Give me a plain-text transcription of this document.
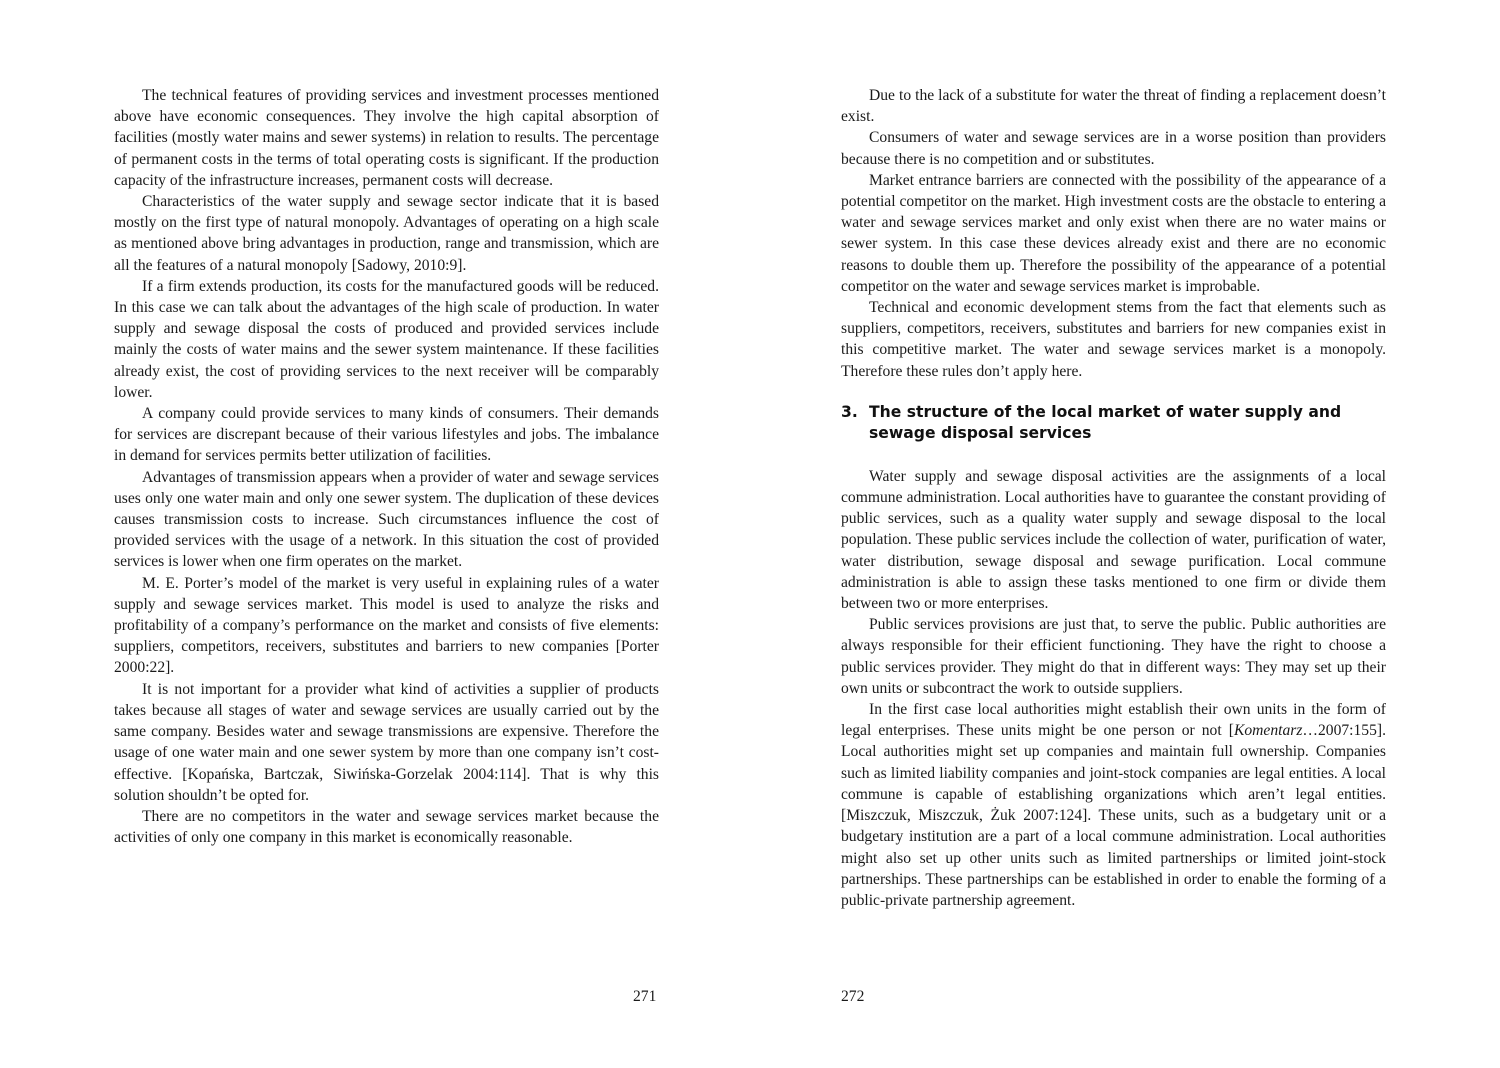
The technical features of providing services and investment processes mentioned above have economic consequences. They involve the high capital absorption of facilities (mostly water mains and sewer systems) in relation to results. The percentage of permanent costs in the terms of total operating costs is significant. If the production capacity of the infrastructure increases, permanent costs will decrease.

Characteristics of the water supply and sewage sector indicate that it is based mostly on the first type of natural monopoly. Advantages of operating on a high scale as mentioned above bring advantages in production, range and transmission, which are all the features of a natural monopoly [Sadowy, 2010:9].

If a firm extends production, its costs for the manufactured goods will be reduced. In this case we can talk about the advantages of the high scale of production. In water supply and sewage disposal the costs of produced and provided services include mainly the costs of water mains and the sewer system maintenance. If these facilities already exist, the cost of providing services to the next receiver will be comparably lower.

A company could provide services to many kinds of consumers. Their demands for services are discrepant because of their various lifestyles and jobs. The imbalance in demand for services permits better utilization of facilities.

Advantages of transmission appears when a provider of water and sewage services uses only one water main and only one sewer system. The duplication of these devices causes transmission costs to increase. Such circumstances influence the cost of provided services with the usage of a network. In this situation the cost of provided services is lower when one firm operates on the market.

M. E. Porter’s model of the market is very useful in explaining rules of a water supply and sewage services market. This model is used to analyze the risks and profitability of a company’s performance on the market and consists of five elements: suppliers, competitors, receivers, substitutes and barriers to new companies [Porter 2000:22].

It is not important for a provider what kind of activities a supplier of products takes because all stages of water and sewage services are usually carried out by the same company. Besides water and sewage transmissions are expensive. Therefore the usage of one water main and one sewer system by more than one company isn’t cost-effective. [Kopańska, Bartczak, Siwińska-Gorzelak 2004:114]. That is why this solution shouldn’t be opted for.

There are no competitors in the water and sewage services market because the activities of only one company in this market is economically reasonable.

271

Due to the lack of a substitute for water the threat of finding a replacement doesn’t exist.

Consumers of water and sewage services are in a worse position than providers because there is no competition and or substitutes.

Market entrance barriers are connected with the possibility of the appearance of a potential competitor on the market. High investment costs are the obstacle to entering a water and sewage services market and only exist when there are no water mains or sewer system. In this case these devices already exist and there are no economic reasons to double them up. Therefore the possibility of the appearance of a potential competitor on the water and sewage services market is improbable.

Technical and economic development stems from the fact that elements such as suppliers, competitors, receivers, substitutes and barriers for new companies exist in this competitive market. The water and sewage services market is a monopoly. Therefore these rules don’t apply here.

3. The structure of the local market of water supply and sewage disposal services

Water supply and sewage disposal activities are the assignments of a local commune administration. Local authorities have to guarantee the constant providing of public services, such as a quality water supply and sewage disposal to the local population. These public services include the collection of water, purification of water, water distribution, sewage disposal and sewage purification. Local commune administration is able to assign these tasks mentioned to one firm or divide them between two or more enterprises.

Public services provisions are just that, to serve the public. Public authorities are always responsible for their efficient functioning. They have the right to choose a public services provider. They might do that in different ways: They may set up their own units or subcontract the work to outside suppliers.

In the first case local authorities might establish their own units in the form of legal enterprises. These units might be one person or not [Komentarz…2007:155]. Local authorities might set up companies and maintain full ownership. Companies such as limited liability companies and joint-stock companies are legal entities. A local commune is capable of establishing organizations which aren’t legal entities. [Miszczuk, Miszczuk, Żuk 2007:124]. These units, such as a budgetary unit or a budgetary institution are a part of a local commune administration. Local authorities might also set up other units such as limited partnerships or limited joint-stock partnerships. These partnerships can be established in order to enable the forming of a public-private partnership agreement.

272
